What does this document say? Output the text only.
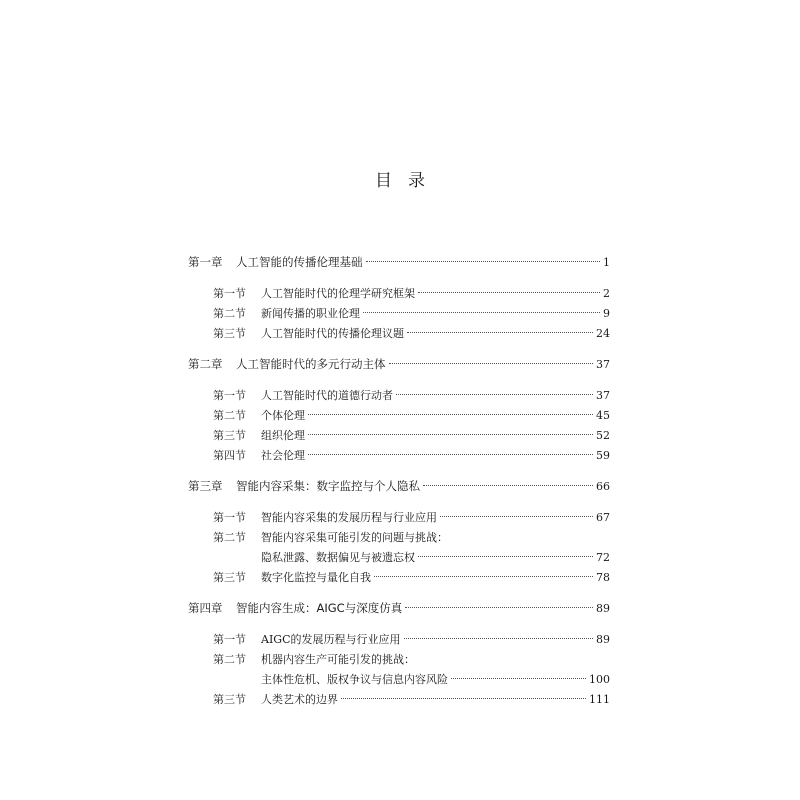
目 录
第一章	人工智能的传播伦理基础	1
第一节	人工智能时代的伦理学研究框架	2
第二节	新闻传播的职业伦理	9
第三节	人工智能时代的传播伦理议题	24
第二章	人工智能时代的多元行动主体	37
第一节	人工智能时代的道德行动者	37
第二节	个体伦理	45
第三节	组织伦理	52
第四节	社会伦理	59
第三章	智能内容采集：数字监控与个人隐私	66
第一节	智能内容采集的发展历程与行业应用	67
第二节	智能内容采集可能引发的问题与挑战：
隐私泄露、数据偏见与被遗忘权	72
第三节	数字化监控与量化自我	78
第四章	智能内容生成：AIGC与深度仿真	89
第一节	AIGC的发展历程与行业应用	89
第二节	机器内容生产可能引发的挑战：
主体性危机、版权争议与信息内容风险	100
第三节	人类艺术的边界	111
